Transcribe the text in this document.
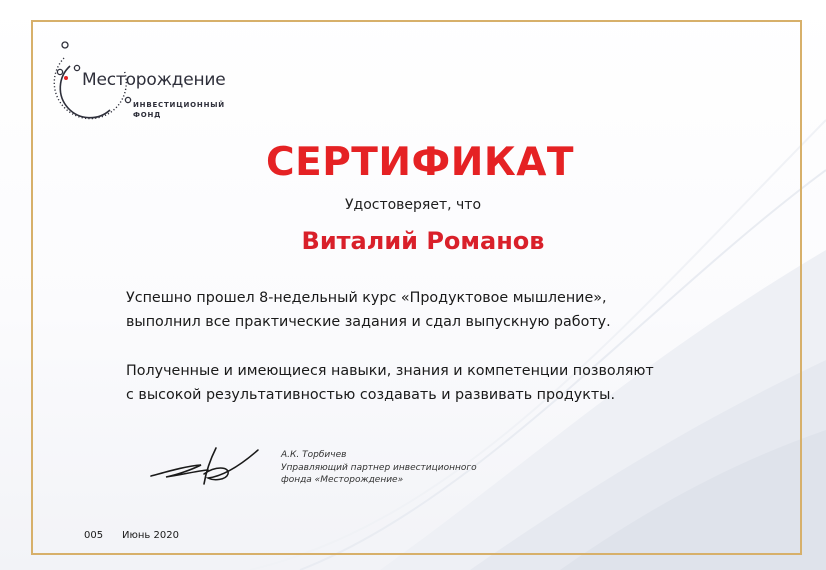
Месторождение
ИНВЕСТИЦИОННЫЙ
ФОНД
СЕРТИФИКАТ
Удостоверяет, что
Виталий Романов
Успешно прошел 8-недельный курс «Продуктовое мышление»,
выполнил все практические задания и сдал выпускную работу.
Полученные и имеющиеся навыки, знания и компетенции позволяют
с высокой результативностью создавать и развивать продукты.
А.К. Торбичев
Управляющий партнер инвестиционного
фонда «Месторождение»
005 Июнь 2020
